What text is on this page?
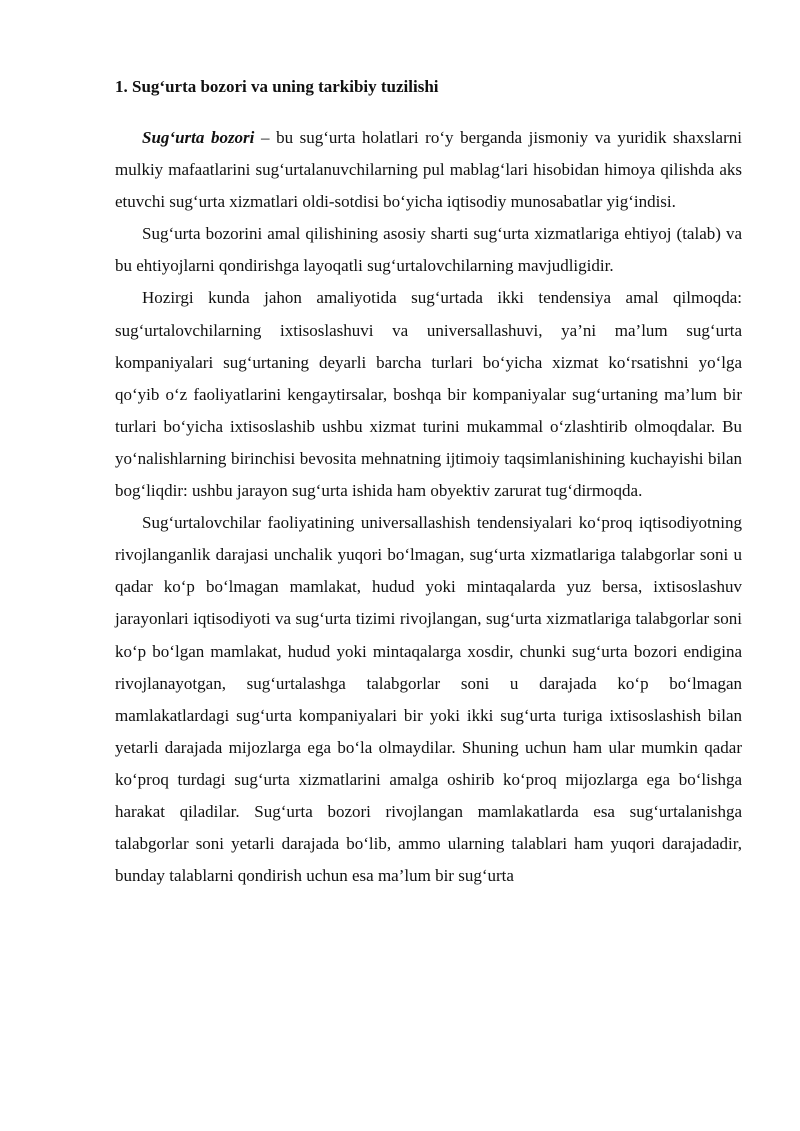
1. Sug‘urta bozori va uning tarkibiy tuzilishi

Sug‘urta bozori – bu sug‘urta holatlari ro‘y berganda jismoniy va yuridik shaxslarni mulkiy mafaatlarini sug‘urtalanuvchilarning pul mablag‘lari hisobidan himoya qilishda aks etuvchi sug‘urta xizmatlari oldi-sotdisi bo‘yicha iqtisodiy munosabatlar yig‘indisi.

Sug‘urta bozorini amal qilishining asosiy sharti sug‘urta xizmatlariga ehtiyoj (talab) va bu ehtiyojlarni qondirishga layoqatli sug‘urtalovchilarning mavjudligidir.

Hozirgi kunda jahon amaliyotida sug‘urtada ikki tendensiya amal qilmoqda: sug‘urtalovchilarning ixtisoslashuvi va universallashuvi, ya’ni ma’lum sug‘urta kompaniyalari sug‘urtaning deyarli barcha turlari bo‘yicha xizmat ko‘rsatishni yo‘lga qo‘yib o‘z faoliyatlarini kengaytirsalar, boshqa bir kompaniyalar sug‘urtaning ma’lum bir turlari bo‘yicha ixtisoslashib ushbu xizmat turini mukammal o‘zlashtirib olmoqdalar. Bu yo‘nalishlarning birinchisi bevosita mehnatning ijtimoiy taqsimlanishining kuchayishi bilan bog‘liqdir: ushbu jarayon sug‘urta ishida ham obyektiv zarurat tug‘dirmoqda.

Sug‘urtalovchilar faoliyatining universallashish tendensiyalari ko‘proq iqtisodiyotning rivojlanganlik darajasi unchalik yuqori bo‘lmagan, sug‘urta xizmatlariga talabgorlar soni u qadar ko‘p bo‘lmagan mamlakat, hudud yoki mintaqalarda yuz bersa, ixtisoslashuv jarayonlari iqtisodiyoti va sug‘urta tizimi rivojlangan, sug‘urta xizmatlariga talabgorlar soni ko‘p bo‘lgan mamlakat, hudud yoki mintaqalarga xosdir, chunki sug‘urta bozori endigina rivojlanayotgan, sug‘urtalashga talabgorlar soni u darajada ko‘p bo‘lmagan mamlakatlardagi sug‘urta kompaniyalari bir yoki ikki sug‘urta turiga ixtisoslashish bilan yetarli darajada mijozlarga ega bo‘la olmaydilar. Shuning uchun ham ular mumkin qadar ko‘proq turdagi sug‘urta xizmatlarini amalga oshirib ko‘proq mijozlarga ega bo‘lishga harakat qiladilar. Sug‘urta bozori rivojlangan mamlakatlarda esa sug‘urtalanishga talabgorlar soni yetarli darajada bo‘lib, ammo ularning talablari ham yuqori darajadadir, bunday talablarni qondirish uchun esa ma’lum bir sug‘urta
